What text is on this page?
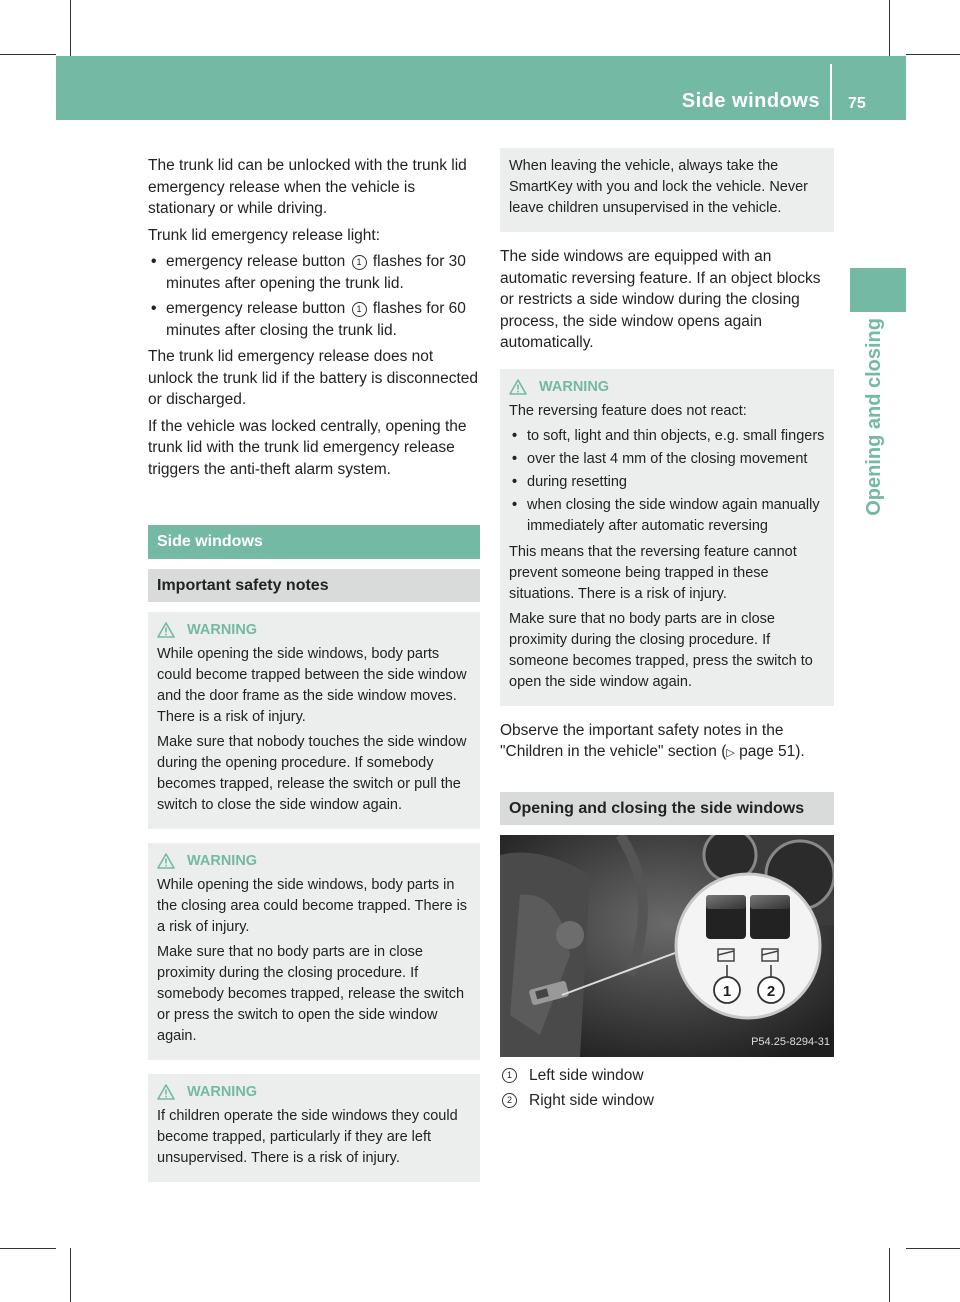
Side windows 75
Opening and closing

The trunk lid can be unlocked with the trunk lid emergency release when the vehicle is stationary or while driving.

Trunk lid emergency release light:

• emergency release button 1 flashes for 30 minutes after opening the trunk lid.
• emergency release button 1 flashes for 60 minutes after closing the trunk lid.

The trunk lid emergency release does not unlock the trunk lid if the battery is disconnected or discharged.

If the vehicle was locked centrally, opening the trunk lid with the trunk lid emergency release triggers the anti-theft alarm system.

Side windows
Important safety notes
WARNING

While opening the side windows, body parts could become trapped between the side window and the door frame as the side window moves. There is a risk of injury.

Make sure that nobody touches the side window during the opening procedure. If somebody becomes trapped, release the switch or pull the switch to close the side window again.

WARNING

While opening the side windows, body parts in the closing area could become trapped. There is a risk of injury.

Make sure that no body parts are in close proximity during the closing procedure. If somebody becomes trapped, release the switch or press the switch to open the side window again.

WARNING

If children operate the side windows they could become trapped, particularly if they are left unsupervised. There is a risk of injury.

When leaving the vehicle, always take the SmartKey with you and lock the vehicle. Never leave children unsupervised in the vehicle.

The side windows are equipped with an automatic reversing feature. If an object blocks or restricts a side window during the closing process, the side window opens again automatically.

WARNING

The reversing feature does not react:

• to soft, light and thin objects, e.g. small fingers
• over the last 4 mm of the closing movement
• during resetting
• when closing the side window again manually immediately after automatic reversing

This means that the reversing feature cannot prevent someone being trapped in these situations. There is a risk of injury.

Make sure that no body parts are in close proximity during the closing procedure. If someone becomes trapped, press the switch to open the side window again.

Observe the important safety notes in the "Children in the vehicle" section (▷ page 51).

Opening and closing the side windows
1 2
P54.25-8294-31
1	Left side window
2	Right side window
